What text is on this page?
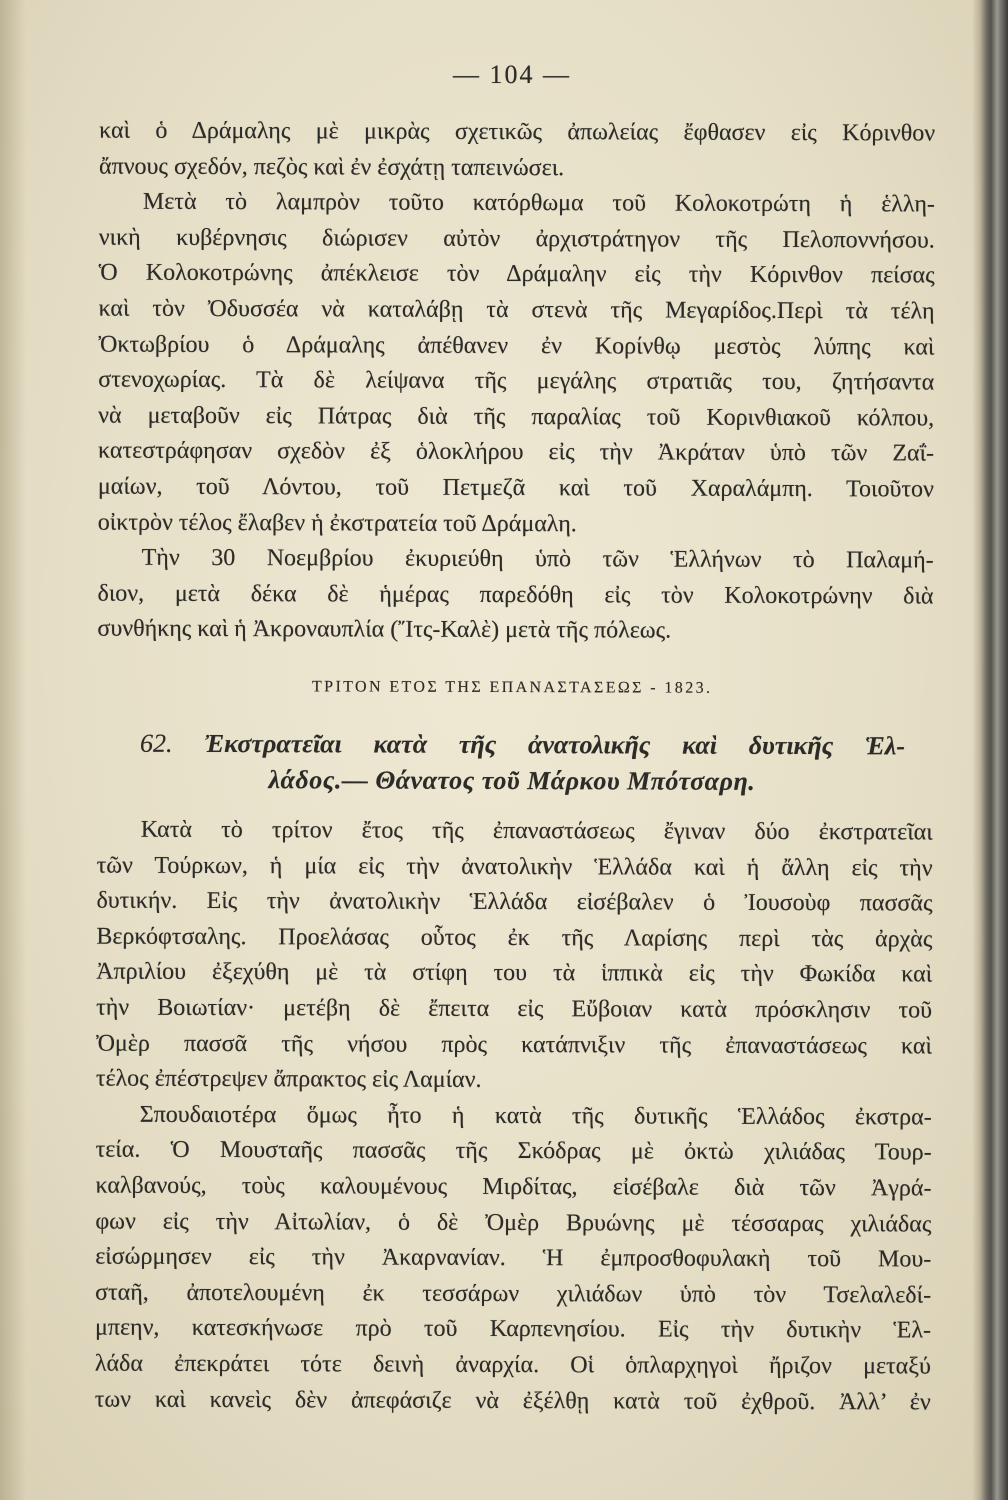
— 104 —
καὶ ὁ Δράμαλης μὲ μικρὰς σχετικῶς ἀπωλείας ἔφθασεν εἰς Κόρινθον
ἄπνους σχεδόν, πεζὸς καὶ ἐν ἐσχάτῃ ταπεινώσει.
Μετὰ τὸ λαμπρὸν τοῦτο κατόρθωμα τοῦ Κολοκοτρώτη ἡ ἑλλη-
νικὴ κυβέρνησις διώρισεν αὐτὸν ἀρχιστράτηγον τῆς Πελοποννήσου.
Ὁ Κολοκοτρώνης ἀπέκλεισε τὸν Δράμαλην εἰς τὴν Κόρινθον πείσας
καὶ τὸν Ὀδυσσέα νὰ καταλάβῃ τὰ στενὰ τῆς Μεγαρίδος.Περὶ τὰ τέλη
Ὀκτωβρίου ὁ Δράμαλης ἀπέθανεν ἐν Κορίνθῳ μεστὸς λύπης καὶ
στενοχωρίας. Τὰ δὲ λείψανα τῆς μεγάλης στρατιᾶς του, ζητήσαντα
νὰ μεταβοῦν εἰς Πάτρας διὰ τῆς παραλίας τοῦ Κορινθιακοῦ κόλπου,
κατεστράφησαν σχεδὸν ἐξ ὁλοκλήρου εἰς τὴν Ἀκράταν ὑπὸ τῶν Ζαΐ-
μαίων, τοῦ Λόντου, τοῦ Πετμεζᾶ καὶ τοῦ Χαραλάμπη. Τοιοῦτον
οἰκτρὸν τέλος ἔλαβεν ἡ ἐκστρατεία τοῦ Δράμαλη.
Τὴν 30 Νοεμβρίου ἐκυριεύθη ὑπὸ τῶν Ἑλλήνων τὸ Παλαμή-
διον, μετὰ δέκα δὲ ἡμέρας παρεδόθη εἰς τὸν Κολοκοτρώνην διὰ
συνθήκης καὶ ἡ Ἀκροναυπλία (Ἴτς-Καλὲ) μετὰ τῆς πόλεως.
ΤΡΙΤΟΝ ΕΤΟΣ ΤΗΣ ΕΠΑΝΑΣΤΑΣΕΩΣ - 1823.
62. Ἐκστρατεῖαι κατὰ τῆς ἀνατολικῆς καὶ δυτικῆς Ἑλ-
λάδος.— Θάνατος τοῦ Μάρκου Μπότσαρη.
Κατὰ τὸ τρίτον ἔτος τῆς ἐπαναστάσεως ἔγιναν δύο ἐκστρατεῖαι
τῶν Τούρκων, ἡ μία εἰς τὴν ἀνατολικὴν Ἑλλάδα καὶ ἡ ἄλλη εἰς τὴν
δυτικήν. Εἰς τὴν ἀνατολικὴν Ἑλλάδα εἰσέβαλεν ὁ Ἰουσοὺφ πασσᾶς
Βερκόφτσαλης. Προελάσας οὗτος ἐκ τῆς Λαρίσης περὶ τὰς ἀρχὰς
Ἀπριλίου ἐξεχύθη μὲ τὰ στίφη του τὰ ἱππικὰ εἰς τὴν Φωκίδα καὶ
τὴν Βοιωτίαν· μετέβη δὲ ἔπειτα εἰς Εὔβοιαν κατὰ πρόσκλησιν τοῦ
Ὀμὲρ πασσᾶ τῆς νήσου πρὸς κατάπνιξιν τῆς ἐπαναστάσεως καὶ
τέλος ἐπέστρεψεν ἄπρακτος εἰς Λαμίαν.
Σπουδαιοτέρα ὅμως ἦτο ἡ κατὰ τῆς δυτικῆς Ἑλλάδος ἐκστρα-
τεία. Ὁ Μουσταῆς πασσᾶς τῆς Σκόδρας μὲ ὀκτὼ χιλιάδας Τουρ-
καλβανούς, τοὺς καλουμένους Μιρδίτας, εἰσέβαλε διὰ τῶν Ἀγρά-
φων εἰς τὴν Αἰτωλίαν, ὁ δὲ Ὀμὲρ Βρυώνης μὲ τέσσαρας χιλιάδας
εἰσώρμησεν εἰς τὴν Ἀκαρνανίαν. Ἡ ἐμπροσθοφυλακὴ τοῦ Μου-
σταῆ, ἀποτελουμένη ἐκ τεσσάρων χιλιάδων ὑπὸ τὸν Τσελαλεδί-
μπεην, κατεσκήνωσε πρὸ τοῦ Καρπενησίου. Εἰς τὴν δυτικὴν Ἑλ-
λάδα ἐπεκράτει τότε δεινὴ ἀναρχία. Οἱ ὁπλαρχηγοὶ ἤριζον μεταξύ
των καὶ κανεὶς δὲν ἀπεφάσιζε νὰ ἐξέλθῃ κατὰ τοῦ ἐχθροῦ. Ἀλλ’ ἐν
